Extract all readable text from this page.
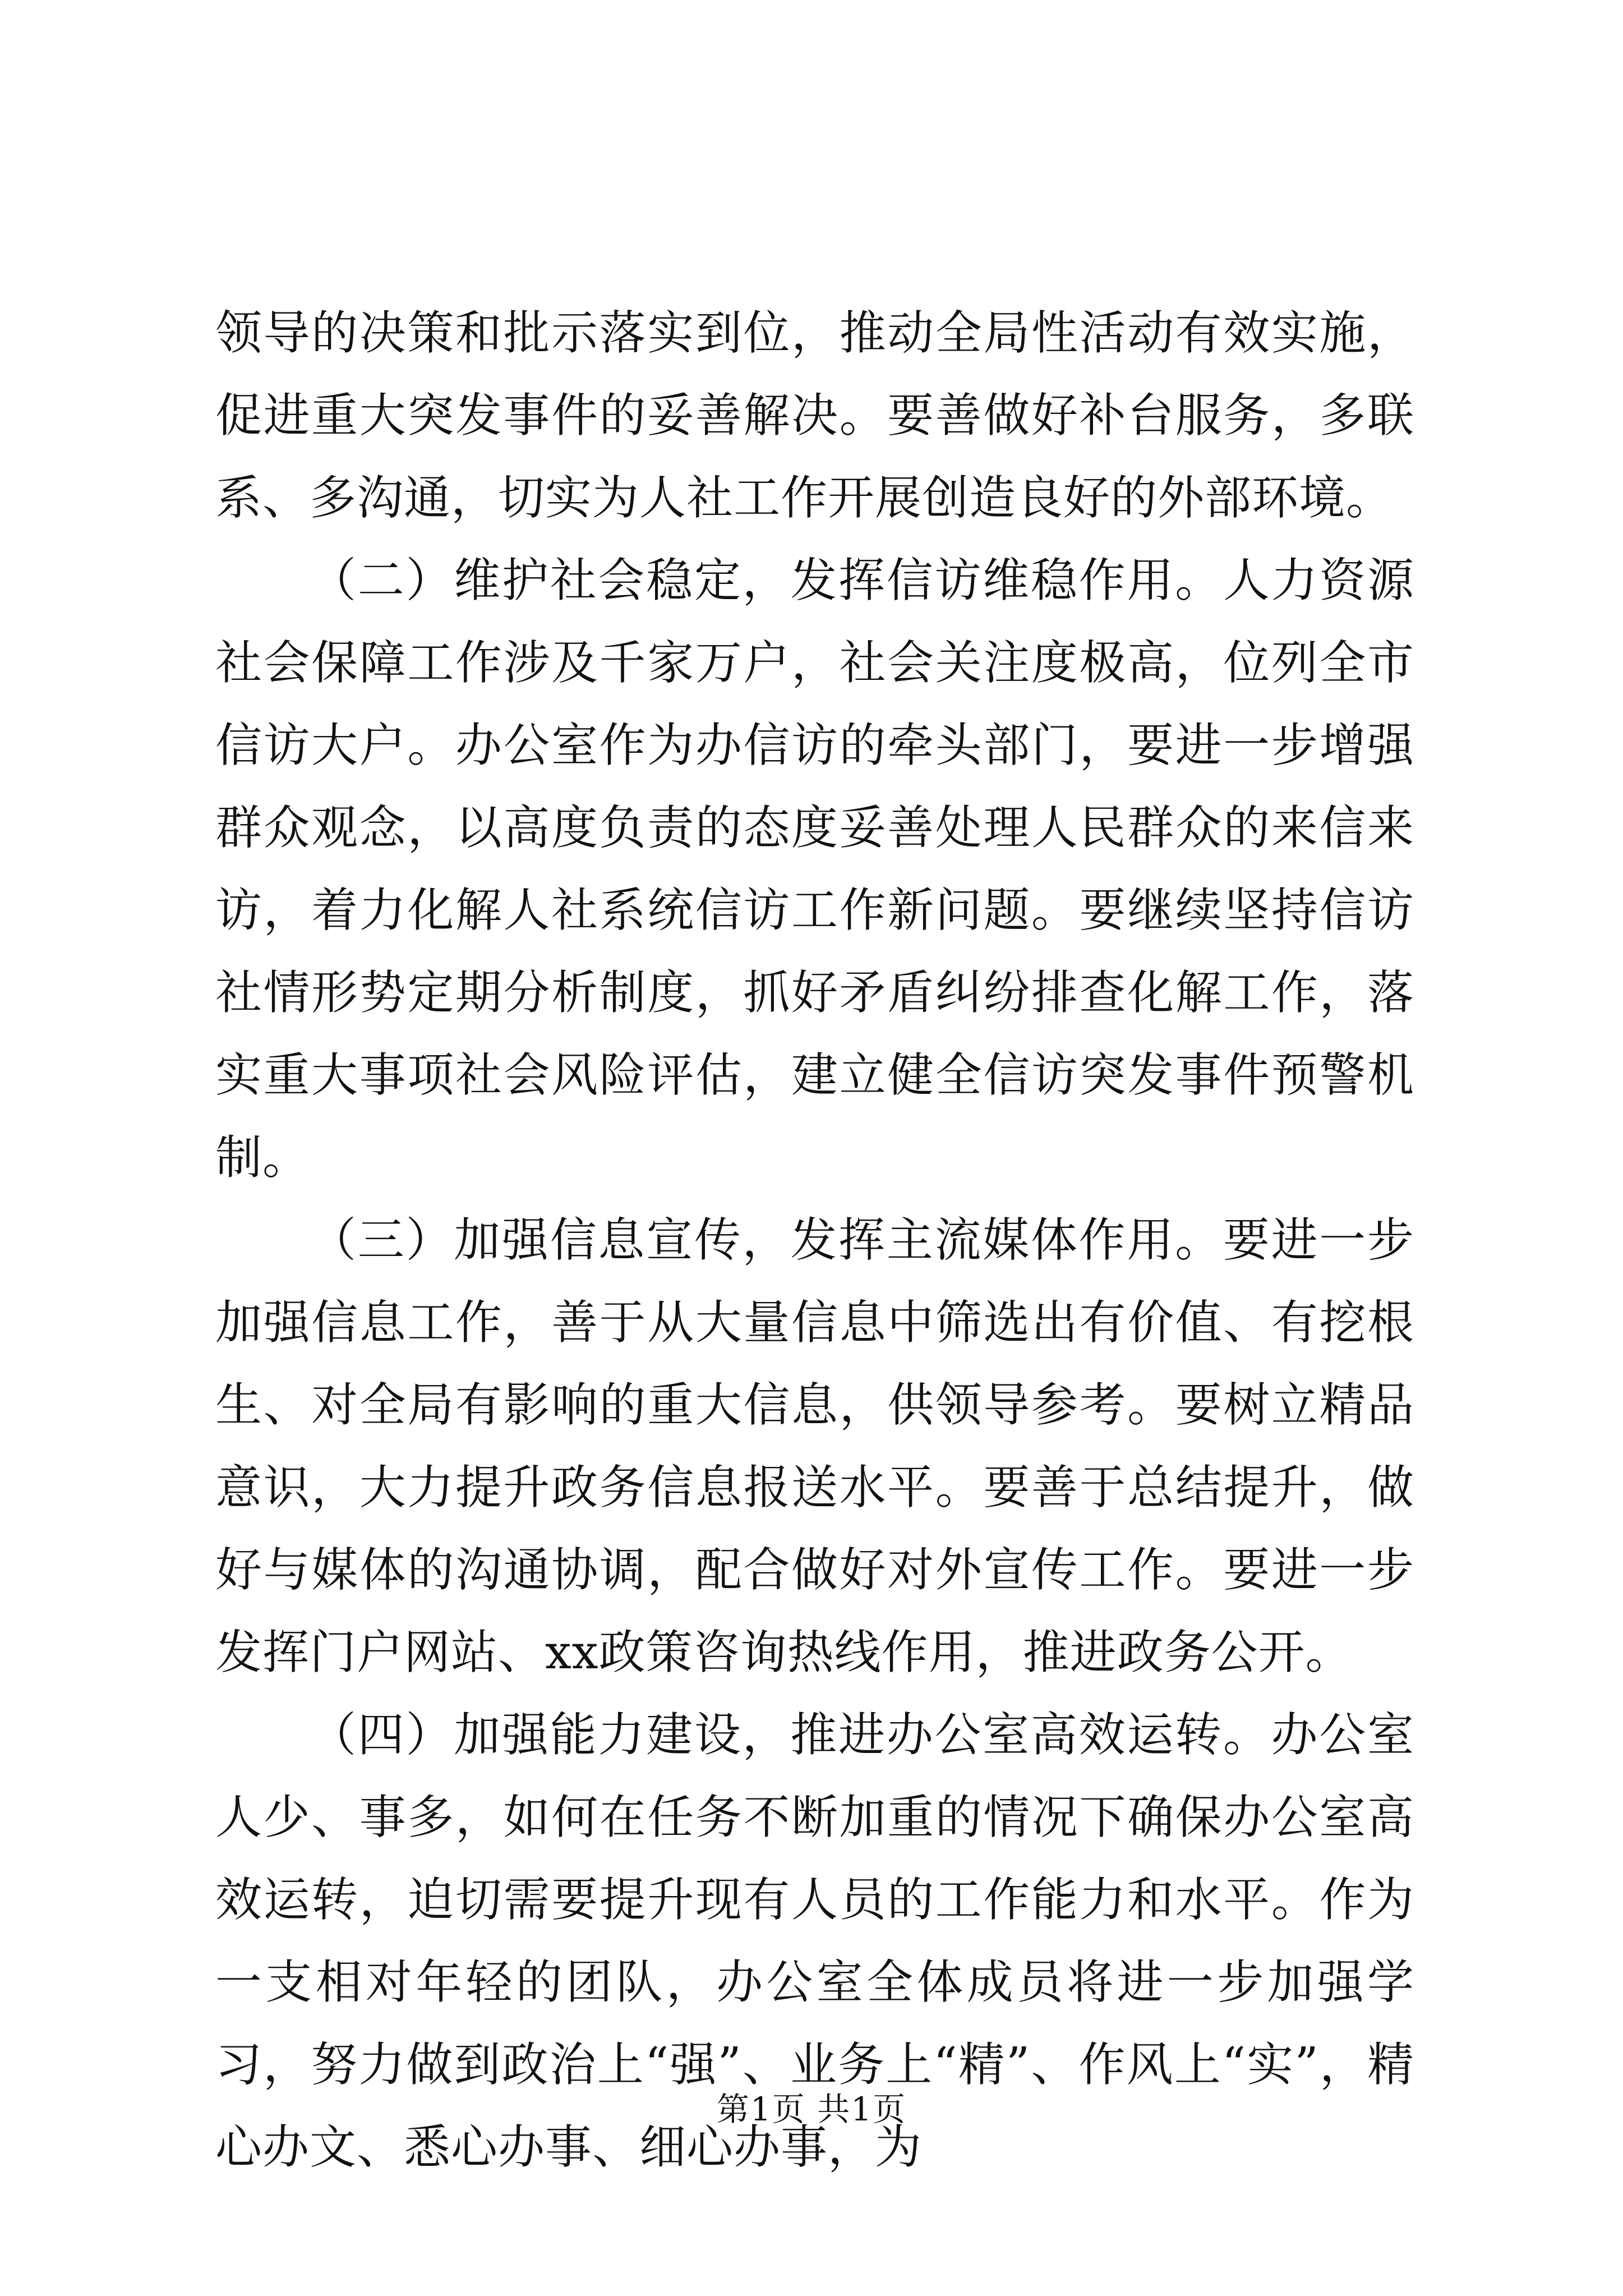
领导的决策和批示落实到位，推动全局性活动有效实施，促进重大突发事件的妥善解决。要善做好补台服务，多联系、多沟通，切实为人社工作开展创造良好的外部环境。

（二）维护社会稳定，发挥信访维稳作用。人力资源社会保障工作涉及千家万户，社会关注度极高，位列全市信访大户。办公室作为办信访的牵头部门，要进一步增强群众观念，以高度负责的态度妥善处理人民群众的来信来访，着力化解人社系统信访工作新问题。要继续坚持信访社情形势定期分析制度，抓好矛盾纠纷排查化解工作，落实重大事项社会风险评估，建立健全信访突发事件预警机制。

（三）加强信息宣传，发挥主流媒体作用。要进一步加强信息工作，善于从大量信息中筛选出有价值、有挖根生、对全局有影响的重大信息，供领导参考。要树立精品意识，大力提升政务信息报送水平。要善于总结提升，做好与媒体的沟通协调，配合做好对外宣传工作。要进一步发挥门户网站、xx政策咨询热线作用，推进政务公开。

（四）加强能力建设，推进办公室高效运转。办公室人少、事多，如何在任务不断加重的情况下确保办公室高效运转，迫切需要提升现有人员的工作能力和水平。作为一支相对年轻的团队，办公室全体成员将进一步加强学习，努力做到政治上“强”、业务上“精”、作风上“实”，精心办文、悉心办事、细心办事，为

第1页 共1页
